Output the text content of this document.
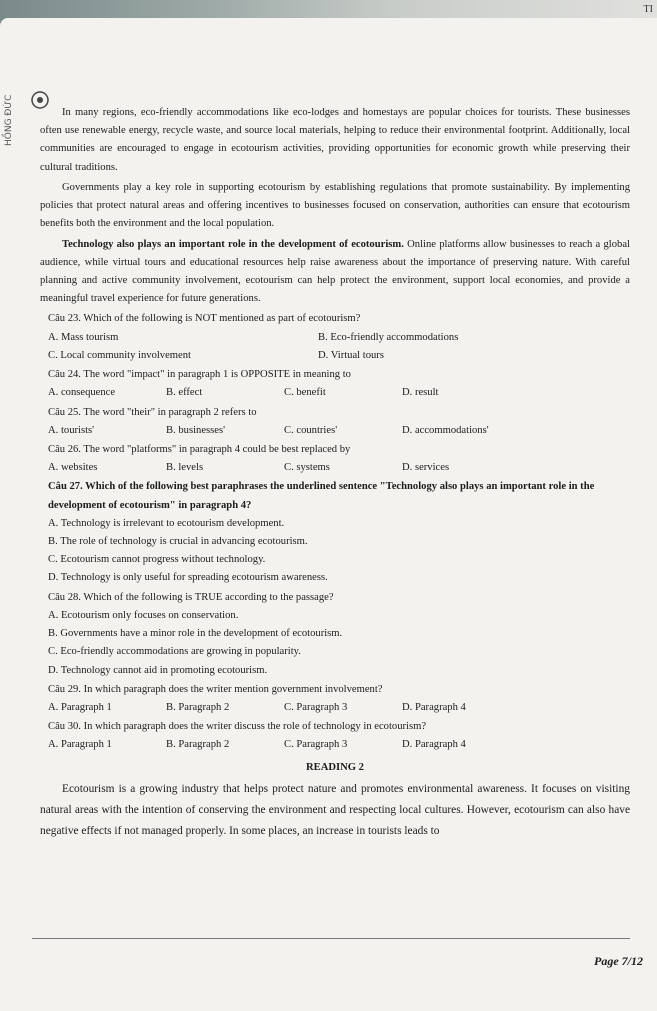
TI
HỒNG ĐỨC	In many regions, eco-friendly accommodations like eco-lodges and homestays are popular choices for tourists. These businesses often use renewable energy, recycle waste, and source local materials, helping to reduce their environmental footprint. Additionally, local communities are encouraged to engage in ecotourism activities, providing opportunities for economic growth while preserving their cultural traditions.

Governments play a key role in supporting ecotourism by establishing regulations that promote sustainability. By implementing policies that protect natural areas and offering incentives to businesses focused on conservation, authorities can ensure that ecotourism benefits both the environment and the local population.

Technology also plays an important role in the development of ecotourism. Online platforms allow businesses to reach a global audience, while virtual tours and educational resources help raise awareness about the importance of preserving nature. With careful planning and active community involvement, ecotourism can help protect the environment, support local economies, and provide a meaningful travel experience for future generations.

Câu 23. Which of the following is NOT mentioned as part of ecotourism?
A. Mass tourism	B. Eco-friendly accommodations
C. Local community involvement	D. Virtual tours
Câu 24. The word "impact" in paragraph 1 is OPPOSITE in meaning to
A. consequence	B. effect	C. benefit	D. result
Câu 25. The word "their" in paragraph 2 refers to
A. tourists'	B. businesses'	C. countries'	D. accommodations'
Câu 26. The word "platforms" in paragraph 4 could be best replaced by
A. websites	B. levels	C. systems	D. services
Câu 27. Which of the following best paraphrases the underlined sentence "Technology also plays an important role in the development of ecotourism" in paragraph 4?
A. Technology is irrelevant to ecotourism development.
B. The role of technology is crucial in advancing ecotourism.
C. Ecotourism cannot progress without technology.
D. Technology is only useful for spreading ecotourism awareness.
Câu 28. Which of the following is TRUE according to the passage?
A. Ecotourism only focuses on conservation.
B. Governments have a minor role in the development of ecotourism.
C. Eco-friendly accommodations are growing in popularity.
D. Technology cannot aid in promoting ecotourism.
Câu 29. In which paragraph does the writer mention government involvement?
A. Paragraph 1	B. Paragraph 2	C. Paragraph 3	D. Paragraph 4
Câu 30. In which paragraph does the writer discuss the role of technology in ecotourism?
A. Paragraph 1	B. Paragraph 2	C. Paragraph 3	D. Paragraph 4
READING 2

Ecotourism is a growing industry that helps protect nature and promotes environmental awareness. It focuses on visiting natural areas with the intention of conserving the environment and respecting local cultures. However, ecotourism can also have negative effects if not managed properly. In some places, an increase in tourists leads to

Page 7/12
